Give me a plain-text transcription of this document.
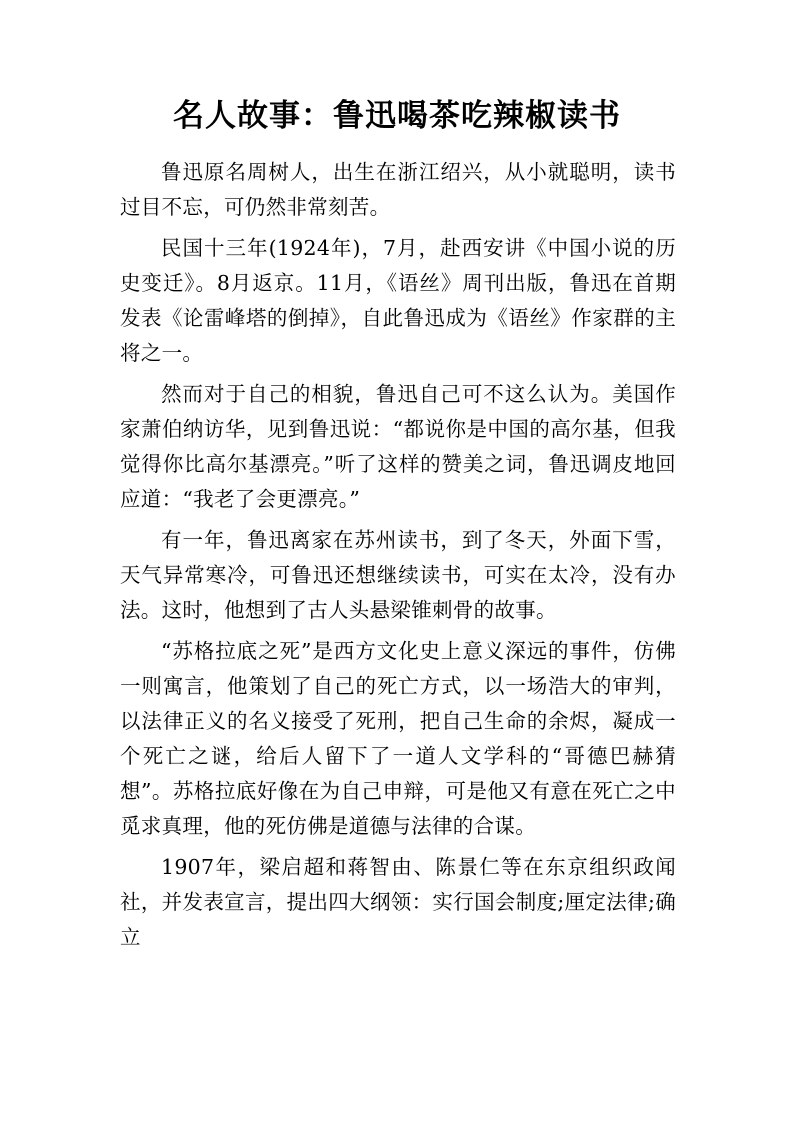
名人故事：鲁迅喝茶吃辣椒读书

鲁迅原名周树人，出生在浙江绍兴，从小就聪明，读书过目不忘，可仍然非常刻苦。

民国十三年(1924年)，7月，赴西安讲《中国小说的历史变迁》。8月返京。11月，《语丝》周刊出版，鲁迅在首期发表《论雷峰塔的倒掉》，自此鲁迅成为《语丝》作家群的主将之一。

然而对于自己的相貌，鲁迅自己可不这么认为。美国作家萧伯纳访华，见到鲁迅说：“都说你是中国的高尔基，但我觉得你比高尔基漂亮。”听了这样的赞美之词，鲁迅调皮地回应道：“我老了会更漂亮。”

有一年，鲁迅离家在苏州读书，到了冬天，外面下雪，天气异常寒冷，可鲁迅还想继续读书，可实在太冷，没有办法。这时，他想到了古人头悬梁锥刺骨的故事。

“苏格拉底之死”是西方文化史上意义深远的事件，仿佛一则寓言，他策划了自己的死亡方式，以一场浩大的审判，以法律正义的名义接受了死刑，把自己生命的余烬，凝成一个死亡之谜，给后人留下了一道人文学科的“哥德巴赫猜想”。苏格拉底好像在为自己申辩，可是他又有意在死亡之中觅求真理，他的死仿佛是道德与法律的合谋。

1907年，梁启超和蒋智由、陈景仁等在东京组织政闻社，并发表宣言，提出四大纲领：实行国会制度;厘定法律;确立
